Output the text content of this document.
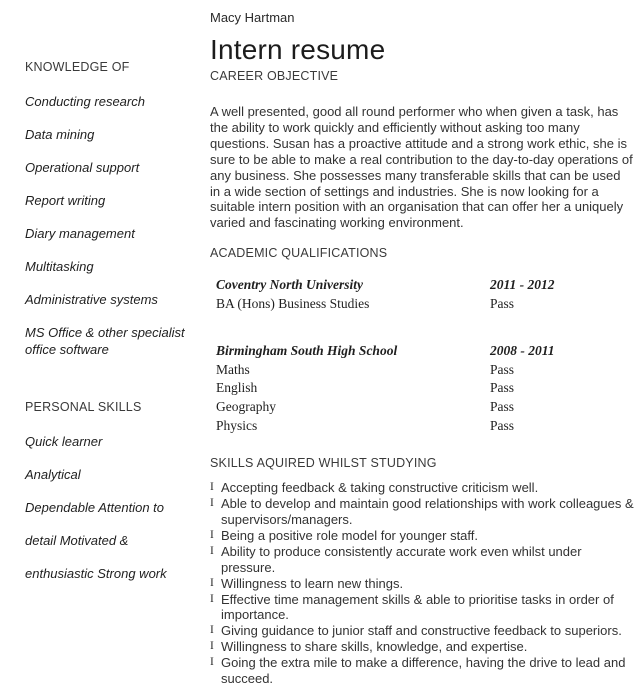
KNOWLEDGE OF
Conducting research
Data mining
Operational support
Report writing
Diary management
Multitasking
Administrative systems
MS Office & other specialist office software
PERSONAL SKILLS
Quick learner
Analytical
Dependable Attention to
detail Motivated &
enthusiastic Strong work
Macy Hartman
Intern resume
CAREER OBJECTIVE

A well presented, good all round performer who when given a task, has the ability to work quickly and efficiently without asking too many questions. Susan has a proactive attitude and a strong work ethic, she is sure to be able to make a real contribution to the day-to-day operations of any business. She possesses many transferable skills that can be used in a wide section of settings and industries. She is now looking for a suitable intern position with an organisation that can offer her a uniquely varied and fascinating working environment.

ACADEMIC QUALIFICATIONS
Coventry North University	2011 - 2012
BA (Hons) Business Studies	Pass
Birmingham South High School	2008 - 2011
Maths	Pass
English	Pass
Geography	Pass
Physics	Pass
SKILLS AQUIRED WHILST STUDYING
I Accepting feedback & taking constructive criticism well.
I Able to develop and maintain good relationships with work colleagues & supervisors/managers.
I Being a positive role model for younger staff.
I Ability to produce consistently accurate work even whilst under pressure.
I Willingness to learn new things.
I Effective time management skills & able to prioritise tasks in order of importance.
I Giving guidance to junior staff and constructive feedback to superiors.
I Willingness to share skills, knowledge, and expertise.
I Going the extra mile to make a difference, having the drive to lead and succeed.
